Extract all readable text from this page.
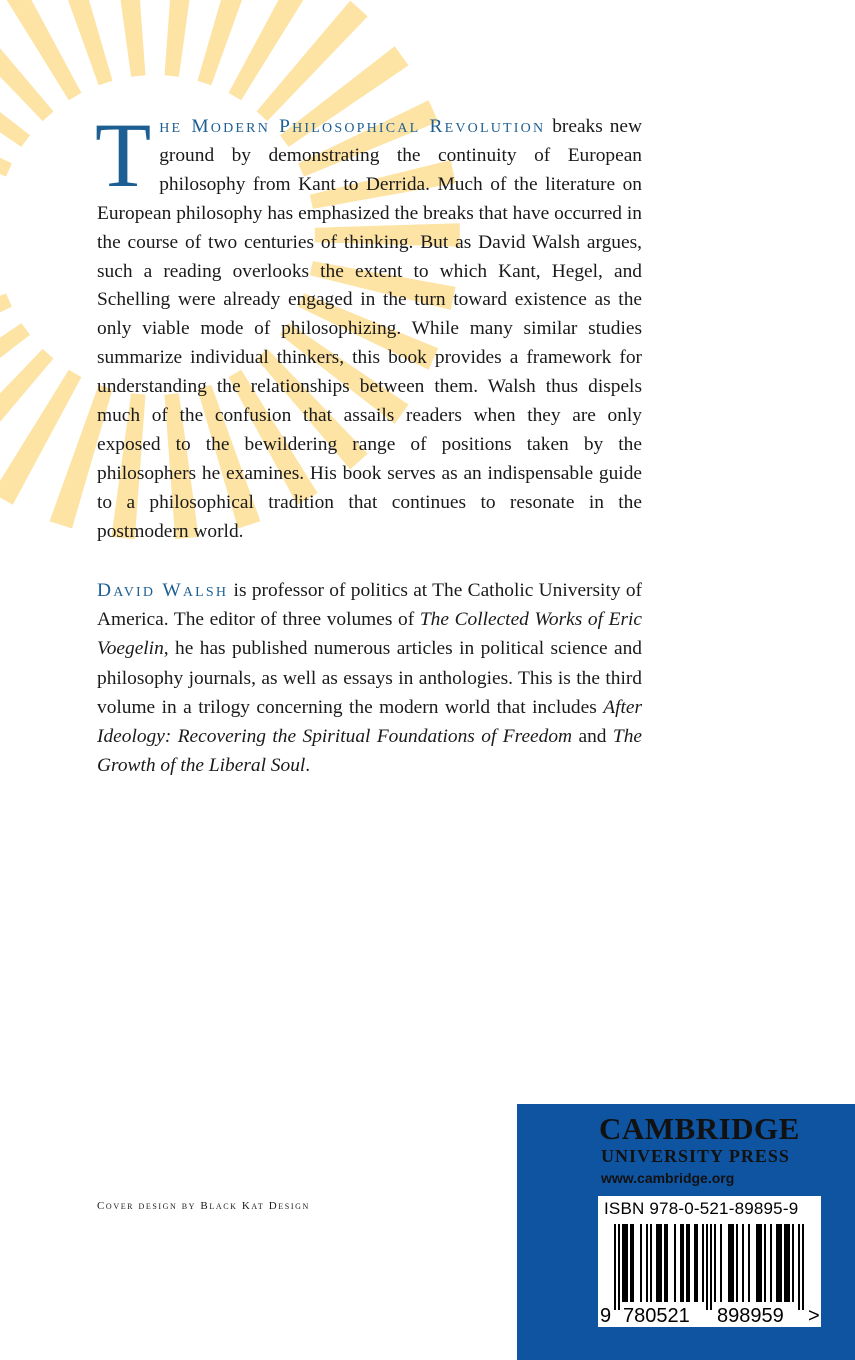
The Modern Philosophical Revolution breaks new ground by demonstrating the continuity of European philosophy from Kant to Derrida. Much of the literature on European philosophy has emphasized the breaks that have occurred in the course of two centuries of thinking. But as David Walsh argues, such a reading overlooks the extent to which Kant, Hegel, and Schelling were already engaged in the turn toward existence as the only viable mode of philosophizing. While many similar studies summarize individual thinkers, this book provides a framework for understanding the relationships between them. Walsh thus dispels much of the confusion that assails readers when they are only exposed to the bewildering range of positions taken by the philosophers he examines. His book serves as an indispensable guide to a philosophical tradition that continues to resonate in the postmodern world.
David Walsh is professor of politics at The Catholic University of America. The editor of three volumes of The Collected Works of Eric Voegelin, he has published numerous articles in political science and philosophy journals, as well as essays in anthologies. This is the third volume in a trilogy concerning the modern world that includes After Ideology: Recovering the Spiritual Foundations of Freedom and The Growth of the Liberal Soul.
Cover design by Black Kat Design
CAMBRIDGE
UNIVERSITY PRESS
www.cambridge.org
ISBN 978-0-521-89895-9
9 780521 898959 >
